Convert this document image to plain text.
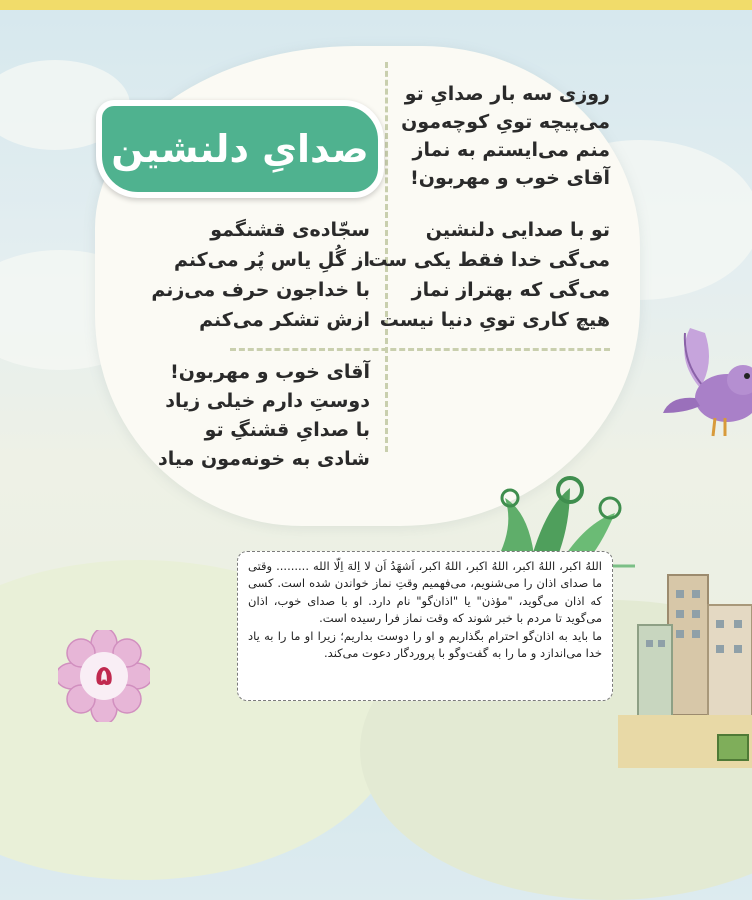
صدایِ دلنشین
روزی سه بار صدایِ تو
می‌پیچه تویِ کوچه‌مون
منم می‌ایستم به نماز
آقای خوب و مهربون!
تو با صدایی دلنشین
می‌گی خدا فقط یکی ست
می‌گی که بهتراز نماز
هیچ کاری تویِ دنیا نیست
سجّاده‌ی قشنگمو
از گُلِ یاس پُر می‌کنم
با خداجون حرف می‌زنم
ازش تشکر می‌کنم
آقای خوب و مهربون!
دوستِ دارم خیلی زیاد
با صدایِ قشنگِ تو
شادی به خونه‌مون میاد

اللهُ اکبر، اللهُ اکبر، اللهُ اکبر، اللهُ اکبر، اَشهَدُ اَن لا اِلهَ اِلّا الله ......... وقتی ما صدای اذان را می‌شنویم، می‌فهمیم وقتِ نماز خواندن شده است. کسی که اذان می‌گوید، "مؤذن" یا "اذان‌گو" نام دارد. او با صدای خوب، اذان می‌گوید تا مردم با خبر شوند که وقت نماز فرا رسیده است.

ما باید به اذان‌گو احترام بگذاریم و او را دوست بداریم؛ زیرا او ما را به یاد خدا می‌اندازد و ما را به گفت‌وگو با پروردگار دعوت می‌کند.

۵
